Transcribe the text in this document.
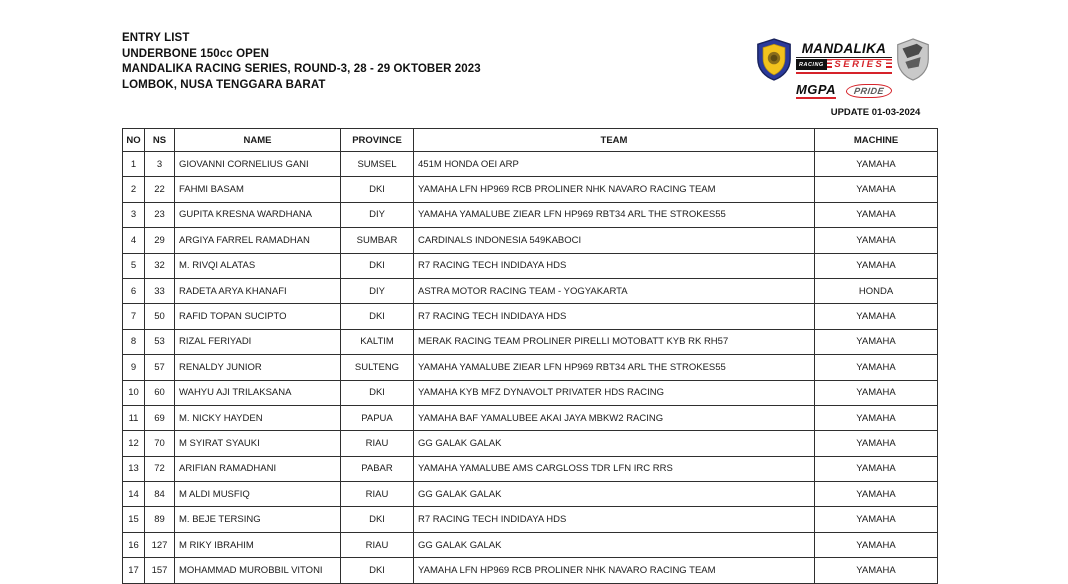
ENTRY LIST
UNDERBONE 150cc OPEN
MANDALIKA RACING SERIES, ROUND-3, 28 - 29 OKTOBER 2023
LOMBOK, NUSA TENGGARA BARAT
MANDALIKA
RACING	SERIES
MGPA	PRIDE
UPDATE 01-03-2024
NO	NS	NAME	PROVINCE	TEAM	MACHINE
1	3	GIOVANNI CORNELIUS GANI	SUMSEL	451M HONDA OEI ARP	YAMAHA
2	22	FAHMI BASAM	DKI	YAMAHA LFN HP969 RCB PROLINER NHK NAVARO RACING TEAM	YAMAHA
3	23	GUPITA KRESNA WARDHANA	DIY	YAMAHA YAMALUBE ZIEAR LFN HP969 RBT34 ARL THE STROKES55	YAMAHA
4	29	ARGIYA FARREL RAMADHAN	SUMBAR	CARDINALS INDONESIA 549KABOCI	YAMAHA
5	32	M. RIVQI ALATAS	DKI	R7 RACING TECH INDIDAYA HDS	YAMAHA
6	33	RADETA ARYA KHANAFI	DIY	ASTRA MOTOR RACING TEAM - YOGYAKARTA	HONDA
7	50	RAFID TOPAN SUCIPTO	DKI	R7 RACING TECH INDIDAYA HDS	YAMAHA
8	53	RIZAL FERIYADI	KALTIM	MERAK RACING TEAM PROLINER PIRELLI MOTOBATT KYB RK RH57	YAMAHA
9	57	RENALDY JUNIOR	SULTENG	YAMAHA YAMALUBE ZIEAR LFN HP969 RBT34 ARL THE STROKES55	YAMAHA
10	60	WAHYU AJI TRILAKSANA	DKI	YAMAHA KYB MFZ DYNAVOLT PRIVATER HDS RACING	YAMAHA
11	69	M. NICKY HAYDEN	PAPUA	YAMAHA BAF YAMALUBEE AKAI JAYA MBKW2 RACING	YAMAHA
12	70	M SYIRAT SYAUKI	RIAU	GG GALAK GALAK	YAMAHA
13	72	ARIFIAN RAMADHANI	PABAR	YAMAHA YAMALUBE AMS CARGLOSS TDR LFN IRC RRS	YAMAHA
14	84	M ALDI MUSFIQ	RIAU	GG GALAK GALAK	YAMAHA
15	89	M. BEJE TERSING	DKI	R7 RACING TECH INDIDAYA HDS	YAMAHA
16	127	M RIKY IBRAHIM	RIAU	GG GALAK GALAK	YAMAHA
17	157	MOHAMMAD MUROBBIL VITONI	DKI	YAMAHA LFN HP969 RCB PROLINER NHK NAVARO RACING TEAM	YAMAHA
